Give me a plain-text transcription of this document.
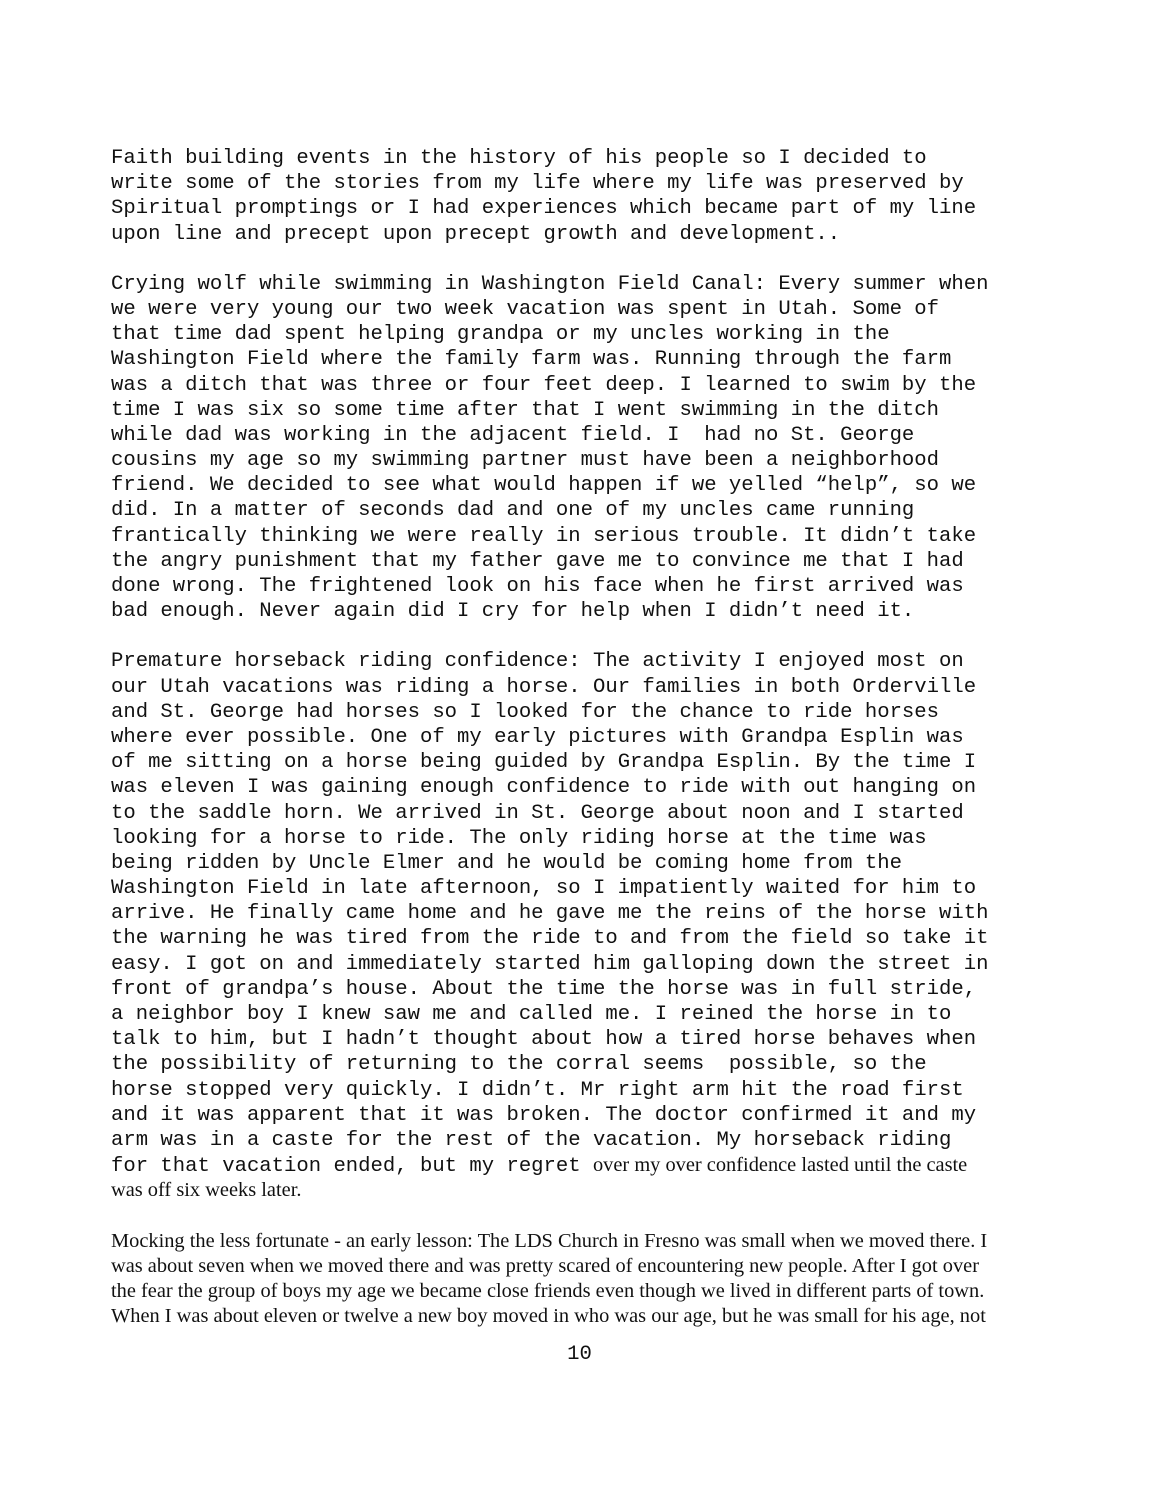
Faith building events in the history of his people so I decided to
write some of the stories from my life where my life was preserved by
Spiritual promptings or I had experiences which became part of my line
upon line and precept upon precept growth and development..
Crying wolf while swimming in Washington Field Canal: Every summer when
we were very young our two week vacation was spent in Utah. Some of
that time dad spent helping grandpa or my uncles working in the
Washington Field where the family farm was. Running through the farm
was a ditch that was three or four feet deep. I learned to swim by the
time I was six so some time after that I went swimming in the ditch
while dad was working in the adjacent field. I  had no St. George
cousins my age so my swimming partner must have been a neighborhood
friend. We decided to see what would happen if we yelled “help”, so we
did. In a matter of seconds dad and one of my uncles came running
frantically thinking we were really in serious trouble. It didn’t take
the angry punishment that my father gave me to convince me that I had
done wrong. The frightened look on his face when he first arrived was
bad enough. Never again did I cry for help when I didn’t need it.
Premature horseback riding confidence: The activity I enjoyed most on
our Utah vacations was riding a horse. Our families in both Orderville
and St. George had horses so I looked for the chance to ride horses
where ever possible. One of my early pictures with Grandpa Esplin was
of me sitting on a horse being guided by Grandpa Esplin. By the time I
was eleven I was gaining enough confidence to ride with out hanging on
to the saddle horn. We arrived in St. George about noon and I started
looking for a horse to ride. The only riding horse at the time was
being ridden by Uncle Elmer and he would be coming home from the
Washington Field in late afternoon, so I impatiently waited for him to
arrive. He finally came home and he gave me the reins of the horse with
the warning he was tired from the ride to and from the field so take it
easy. I got on and immediately started him galloping down the street in
front of grandpa’s house. About the time the horse was in full stride,
a neighbor boy I knew saw me and called me. I reined the horse in to
talk to him, but I hadn’t thought about how a tired horse behaves when
the possibility of returning to the corral seems  possible, so the
horse stopped very quickly. I didn’t. Mr right arm hit the road first
and it was apparent that it was broken. The doctor confirmed it and my
arm was in a caste for the rest of the vacation. My horseback riding
for that vacation ended, but my regret over my over confidence lasted until the caste
was off six weeks later.
Mocking the less fortunate - an early lesson: The LDS Church in Fresno was small when we moved there. I
was about seven when we moved there and was pretty scared of encountering new people. After I got over
the fear the group of boys my age we became close friends even though we lived in different parts of town.
When I was about eleven or twelve a new boy moved in who was our age, but he was small for his age, not
10
